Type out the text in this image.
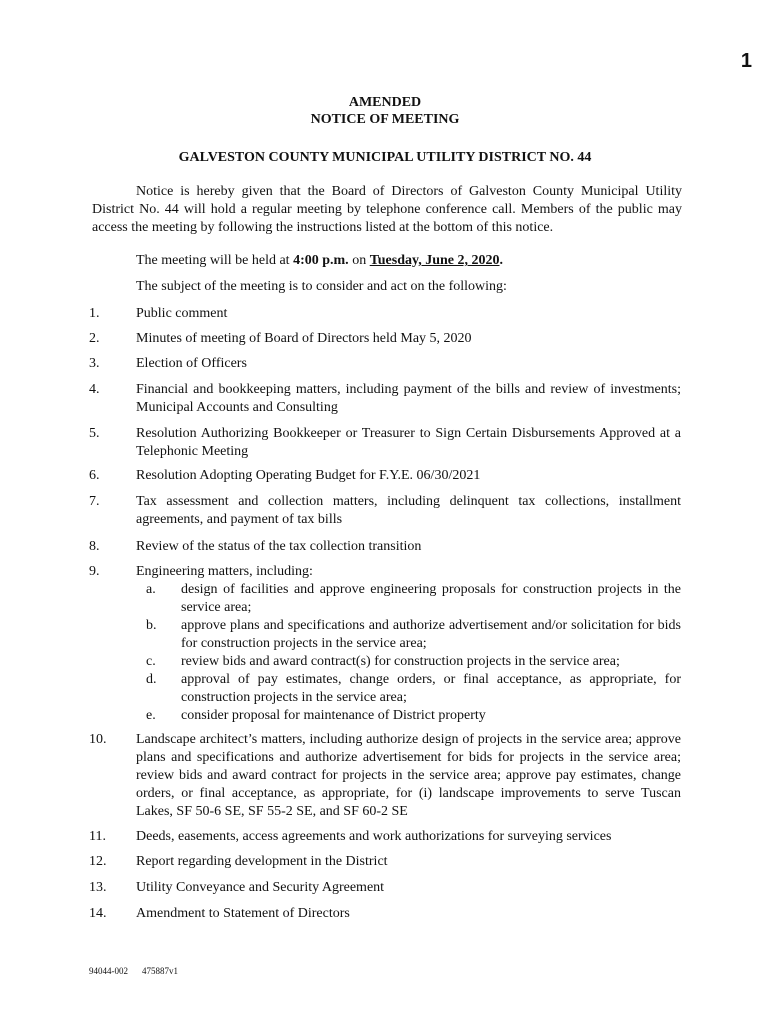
1
AMENDED
NOTICE OF MEETING
GALVESTON COUNTY MUNICIPAL UTILITY DISTRICT NO. 44
Notice is hereby given that the Board of Directors of Galveston County Municipal Utility District No. 44 will hold a regular meeting by telephone conference call. Members of the public may access the meeting by following the instructions listed at the bottom of this notice.
The meeting will be held at 4:00 p.m. on Tuesday, June 2, 2020.
The subject of the meeting is to consider and act on the following:
1.	Public comment
2.	Minutes of meeting of Board of Directors held May 5, 2020
3.	Election of Officers
4.	Financial and bookkeeping matters, including payment of the bills and review of investments; Municipal Accounts and Consulting
5.	Resolution Authorizing Bookkeeper or Treasurer to Sign Certain Disbursements Approved at a Telephonic Meeting
6.	Resolution Adopting Operating Budget for F.Y.E. 06/30/2021
7.	Tax assessment and collection matters, including delinquent tax collections, installment agreements, and payment of tax bills
8.	Review of the status of the tax collection transition
9.	Engineering matters, including:
a. design of facilities and approve engineering proposals for construction projects in the service area;
b. approve plans and specifications and authorize advertisement and/or solicitation for bids for construction projects in the service area;
c. review bids and award contract(s) for construction projects in the service area;
d. approval of pay estimates, change orders, or final acceptance, as appropriate, for construction projects in the service area;
e. consider proposal for maintenance of District property
10. Landscape architect’s matters, including authorize design of projects in the service area; approve plans and specifications and authorize advertisement for bids for projects in the service area; review bids and award contract for projects in the service area; approve pay estimates, change orders, or final acceptance, as appropriate, for (i) landscape improvements to serve Tuscan Lakes, SF 50-6 SE, SF 55-2 SE, and SF 60-2 SE
11. Deeds, easements, access agreements and work authorizations for surveying services
12. Report regarding development in the District
13. Utility Conveyance and Security Agreement
14. Amendment to Statement of Directors
94044-002 475887v1
